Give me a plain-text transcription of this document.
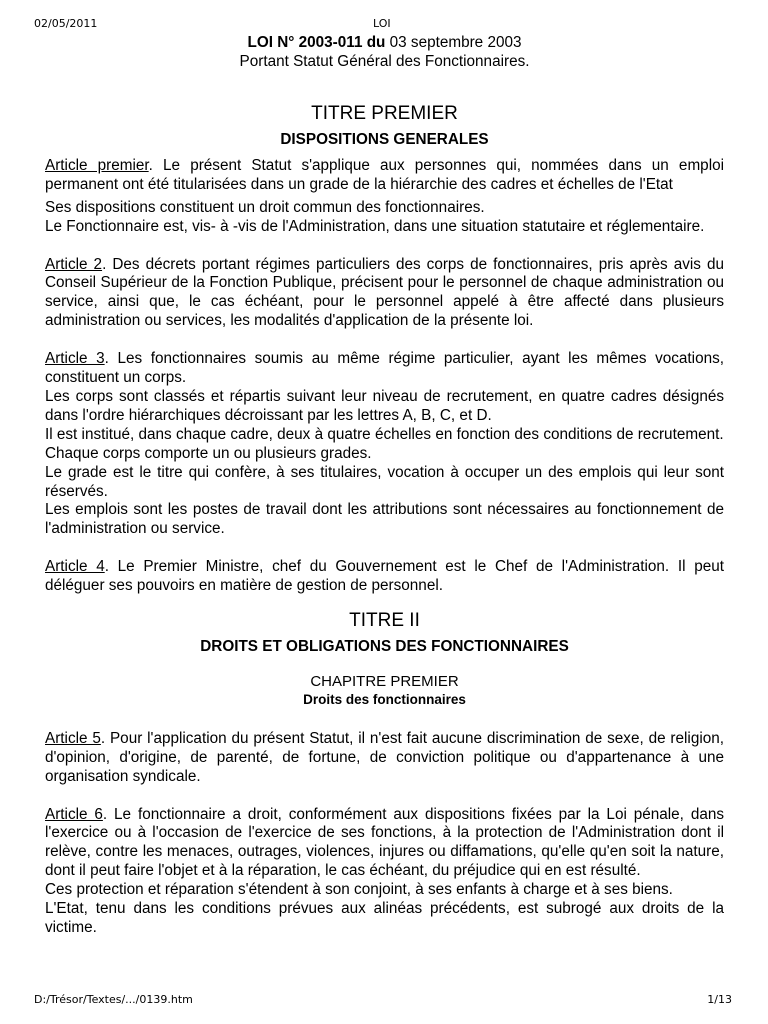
02/05/2011	LOI
LOI N° 2003-011 du 03 septembre 2003
Portant Statut Général des Fonctionnaires.
TITRE PREMIER
DISPOSITIONS GENERALES

Article premier. Le présent Statut s'applique aux personnes qui, nommées dans un emploi permanent ont été titularisées dans un grade de la hiérarchie des cadres et échelles de l'Etat

Ses dispositions constituent un droit commun des fonctionnaires.

Le Fonctionnaire est, vis- à -vis de l'Administration, dans une situation statutaire et réglementaire.

Article 2. Des décrets portant régimes particuliers des corps de fonctionnaires, pris après avis du Conseil Supérieur de la Fonction Publique, précisent pour le personnel de chaque administration ou service, ainsi que, le cas échéant, pour le personnel appelé à être affecté dans plusieurs administration ou services, les modalités d'application de la présente loi.

Article 3. Les fonctionnaires soumis au même régime particulier, ayant les mêmes vocations, constituent un corps.

Les corps sont classés et répartis suivant leur niveau de recrutement, en quatre cadres désignés dans l'ordre hiérarchiques décroissant par les lettres A, B, C, et D.

Il est institué, dans chaque cadre, deux à quatre échelles en fonction des conditions de recrutement.

Chaque corps comporte un ou plusieurs grades.

Le grade est le titre qui confère, à ses titulaires, vocation à occuper un des emplois qui leur sont réservés.

Les emplois sont les postes de travail dont les attributions sont nécessaires au fonctionnement de l'administration ou service.

Article 4. Le Premier Ministre, chef du Gouvernement est le Chef de l'Administration. Il peut déléguer ses pouvoirs en matière de gestion de personnel.

TITRE II
DROITS ET OBLIGATIONS DES FONCTIONNAIRES
CHAPITRE PREMIER
Droits des fonctionnaires

Article 5. Pour l'application du présent Statut, il n'est fait aucune discrimination de sexe, de religion, d'opinion, d'origine, de parenté, de fortune, de conviction politique ou d'appartenance à une organisation syndicale.

Article 6. Le fonctionnaire a droit, conformément aux dispositions fixées par la Loi pénale, dans l'exercice ou à l'occasion de l'exercice de ses fonctions, à la protection de l'Administration dont il relève, contre les menaces, outrages, violences, injures ou diffamations, qu'elle qu'en soit la nature, dont il peut faire l'objet et à la réparation, le cas échéant, du préjudice qui en est résulté.

Ces protection et réparation s'étendent à son conjoint, à ses enfants à charge et à ses biens.

L'Etat, tenu dans les conditions prévues aux alinéas précédents, est subrogé aux droits de la victime.

D:/Trésor/Textes/.../0139.htm	1/13
